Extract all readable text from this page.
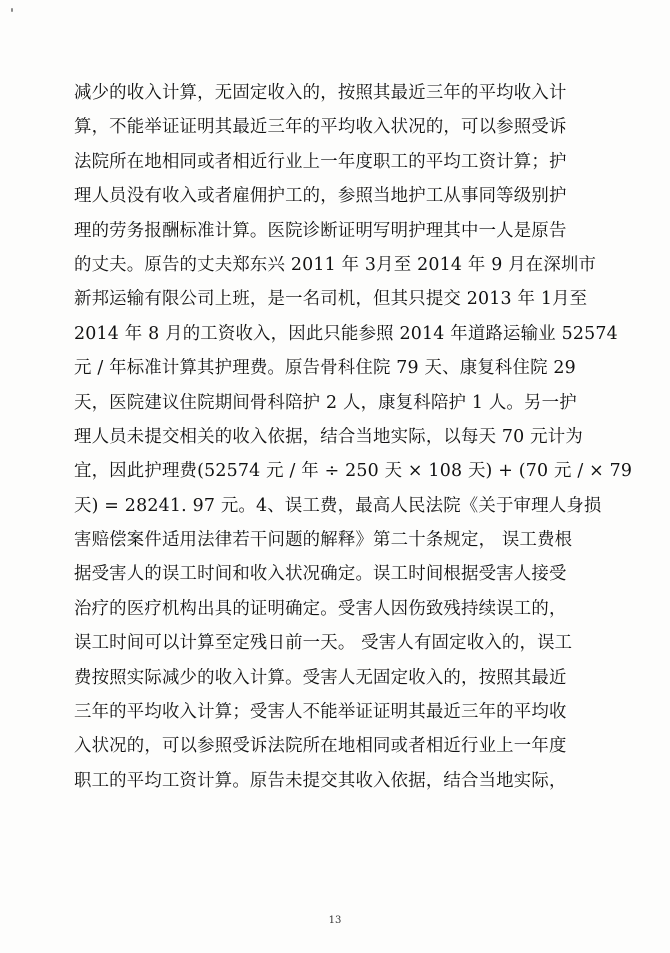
减少的收入计算，无固定收入的，按照其最近三年的平均收入计
算，不能举证证明其最近三年的平均收入状况的，可以参照受诉
法院所在地相同或者相近行业上一年度职工的平均工资计算；护
理人员没有收入或者雇佣护工的，参照当地护工从事同等级别护
理的劳务报酬标准计算。医院诊断证明写明护理其中一人是原告
的丈夫。原告的丈夫郑东兴 2011 年 3月至 2014 年 9 月在深圳市
新邦运输有限公司上班，是一名司机，但其只提交 2013 年 1月至
2014 年 8 月的工资收入，因此只能参照 2014 年道路运输业 52574
元 / 年标准计算其护理费。原告骨科住院 79 天、康复科住院 29
天，医院建议住院期间骨科陪护 2 人，康复科陪护 1 人。另一护
理人员未提交相关的收入依据，结合当地实际，以每天 70 元计为
宜，因此护理费(52574 元 / 年 ÷ 250 天 × 108 天) + (70 元 / × 79
天) = 28241. 97 元。4、误工费，最高人民法院《关于审理人身损
害赔偿案件适用法律若干问题的解释》第二十条规定， 误工费根
据受害人的误工时间和收入状况确定。误工时间根据受害人接受
治疗的医疗机构出具的证明确定。受害人因伤致残持续误工的，
误工时间可以计算至定残日前一天。 受害人有固定收入的，误工
费按照实际减少的收入计算。受害人无固定收入的，按照其最近
三年的平均收入计算；受害人不能举证证明其最近三年的平均收
入状况的，可以参照受诉法院所在地相同或者相近行业上一年度
职工的平均工资计算。原告未提交其收入依据，结合当地实际，
13
